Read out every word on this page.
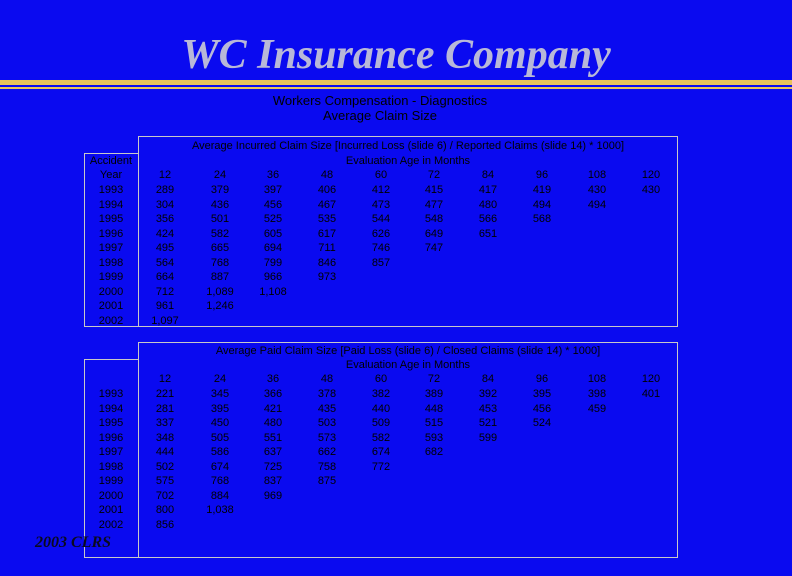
WC Insurance Company
Workers Compensation - Diagnostics
Average Claim Size
Average Incurred Claim Size [Incurred Loss (slide 6) / Reported Claims (slide 14) * 1000]
Evaluation Age in Months
Accident
Year	12	24	36	48	60	72	84	96	108	120
1993	289	379	397	406	412	415	417	419	430	430
1994	304	436	456	467	473	477	480	494	494
1995	356	501	525	535	544	548	566	568
1996	424	582	605	617	626	649	651
1997	495	665	694	711	746	747
1998	564	768	799	846	857
1999	664	887	966	973
2000	712	1,089	1,108
2001	961	1,246
2002	1,097
Average Paid Claim Size [Paid Loss (slide 6) / Closed Claims (slide 14) * 1000]
Evaluation Age in Months
12	24	36	48	60	72	84	96	108	120
1993	221	345	366	378	382	389	392	395	398	401
1994	281	395	421	435	440	448	453	456	459
1995	337	450	480	503	509	515	521	524
1996	348	505	551	573	582	593	599
1997	444	586	637	662	674	682
1998	502	674	725	758	772
1999	575	768	837	875
2000	702	884	969
2001	800	1,038
2002	856
2003 CLRS
